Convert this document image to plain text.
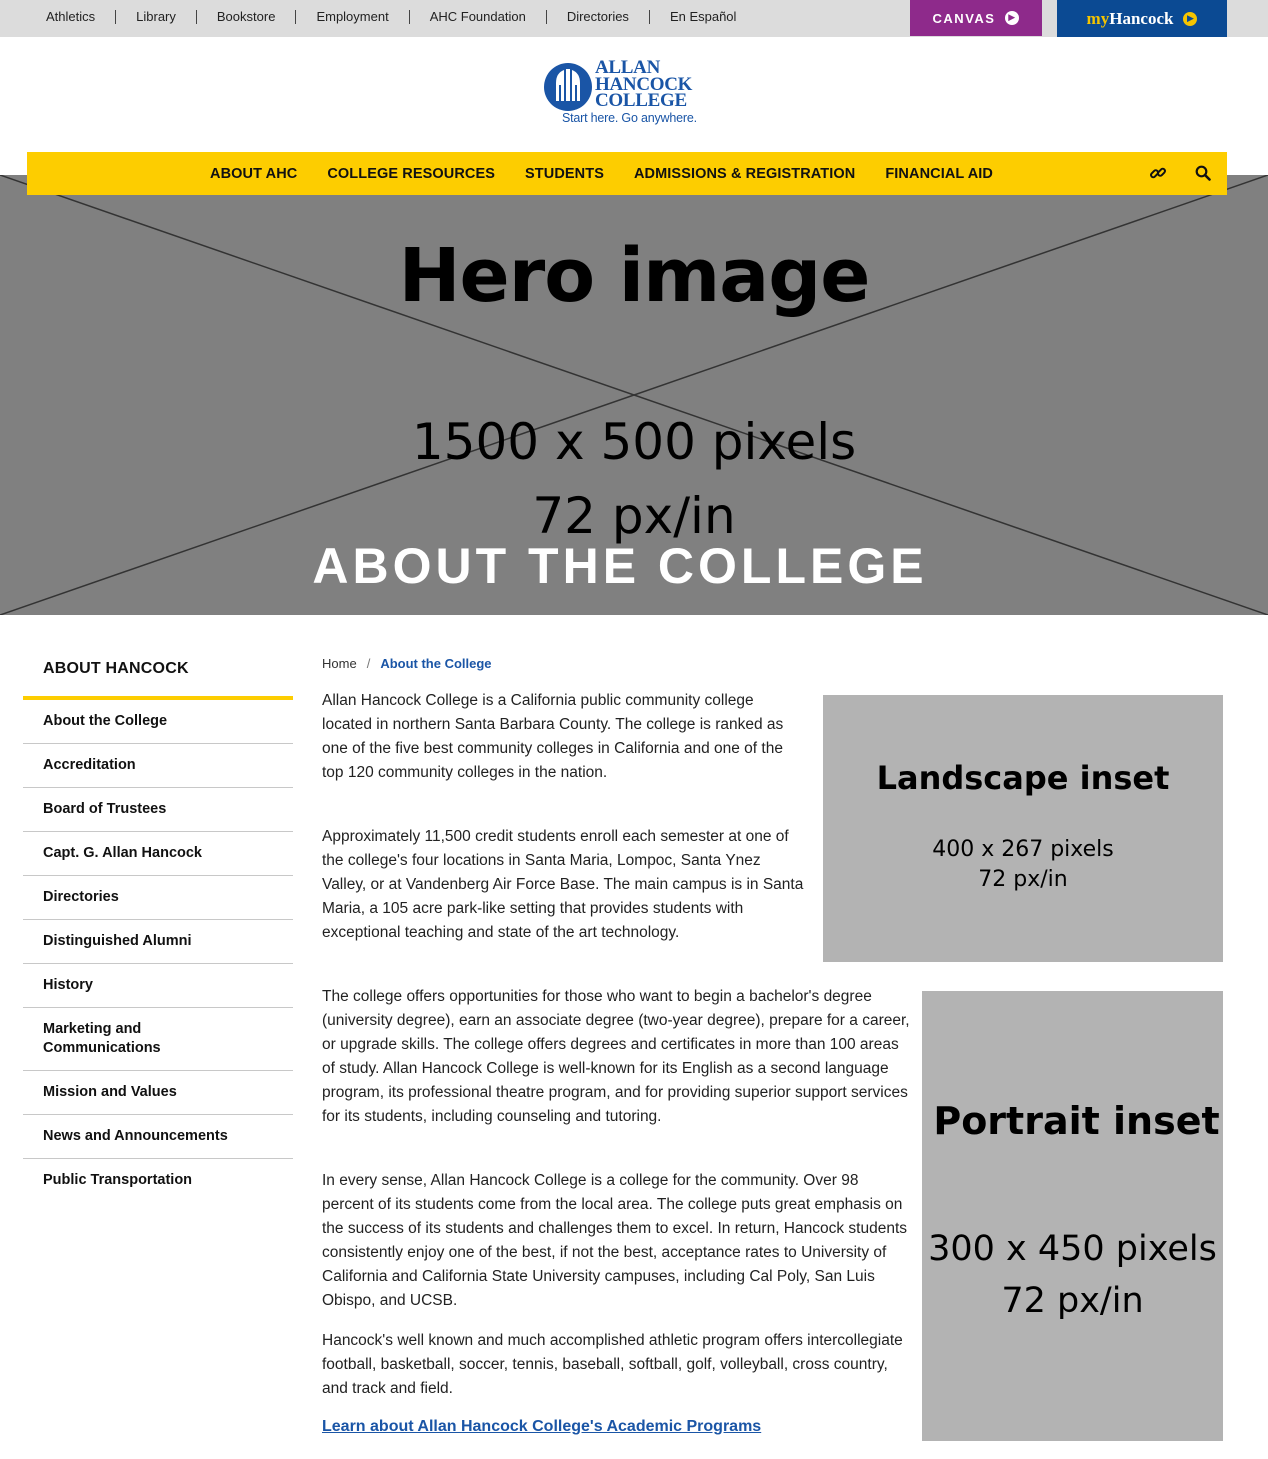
Athletics	Library	Bookstore	Employment	AHC Foundation	Directories	En Español	CANVAS	▶	my Hancock	▶
ALLAN
HANCOCK
COLLEGE
Start here. Go anywhere.
Hero image
1500 x 500 pixels
72 px/in
ABOUT THE COLLEGE
ABOUT AHC COLLEGE RESOURCES STUDENTS ADMISSIONS & REGISTRATION FINANCIAL AID
ABOUT HANCOCK
About the College
Accreditation
Board of Trustees
Capt. G. Allan Hancock
Directories
Distinguished Alumni
History
Marketing and Communications
Mission and Values
News and Announcements
Public Transportation
Home / About the College
Landscape inset
400 x 267 pixels
72 px/in

Allan Hancock College is a California public community college located in northern Santa Barbara County. The college is ranked as one of the five best community colleges in California and one of the top 120 community colleges in the nation.

Approximately 11,500 credit students enroll each semester at one of the college's four locations in Santa Maria, Lompoc, Santa Ynez Valley, or at Vandenberg Air Force Base. The main campus is in Santa Maria, a 105 acre park-like setting that provides students with exceptional teaching and state of the art technology.

The college offers opportunities for those who want to begin a bachelor's degree (university degree), earn an associate degree (two-year degree), prepare for a career, or upgrade skills. The college offers degrees and certificates in more than 100 areas of study. Allan Hancock College is well-known for its English as a second language program, its professional theatre program, and for providing superior support services for its students, including counseling and tutoring.

In every sense, Allan Hancock College is a college for the community. Over 98 percent of its students come from the local area. The college puts great emphasis on the success of its students and challenges them to excel. In return, Hancock students consistently enjoy one of the best, if not the best, acceptance rates to University of California and California State University campuses, including Cal Poly, San Luis Obispo, and UCSB.

Hancock's well known and much accomplished athletic program offers intercollegiate football, basketball, soccer, tennis, baseball, softball, golf, volleyball, cross country, and track and field.

Portrait inset
300 x 450 pixels
72 px/in
Learn about Allan Hancock College's Academic Programs
